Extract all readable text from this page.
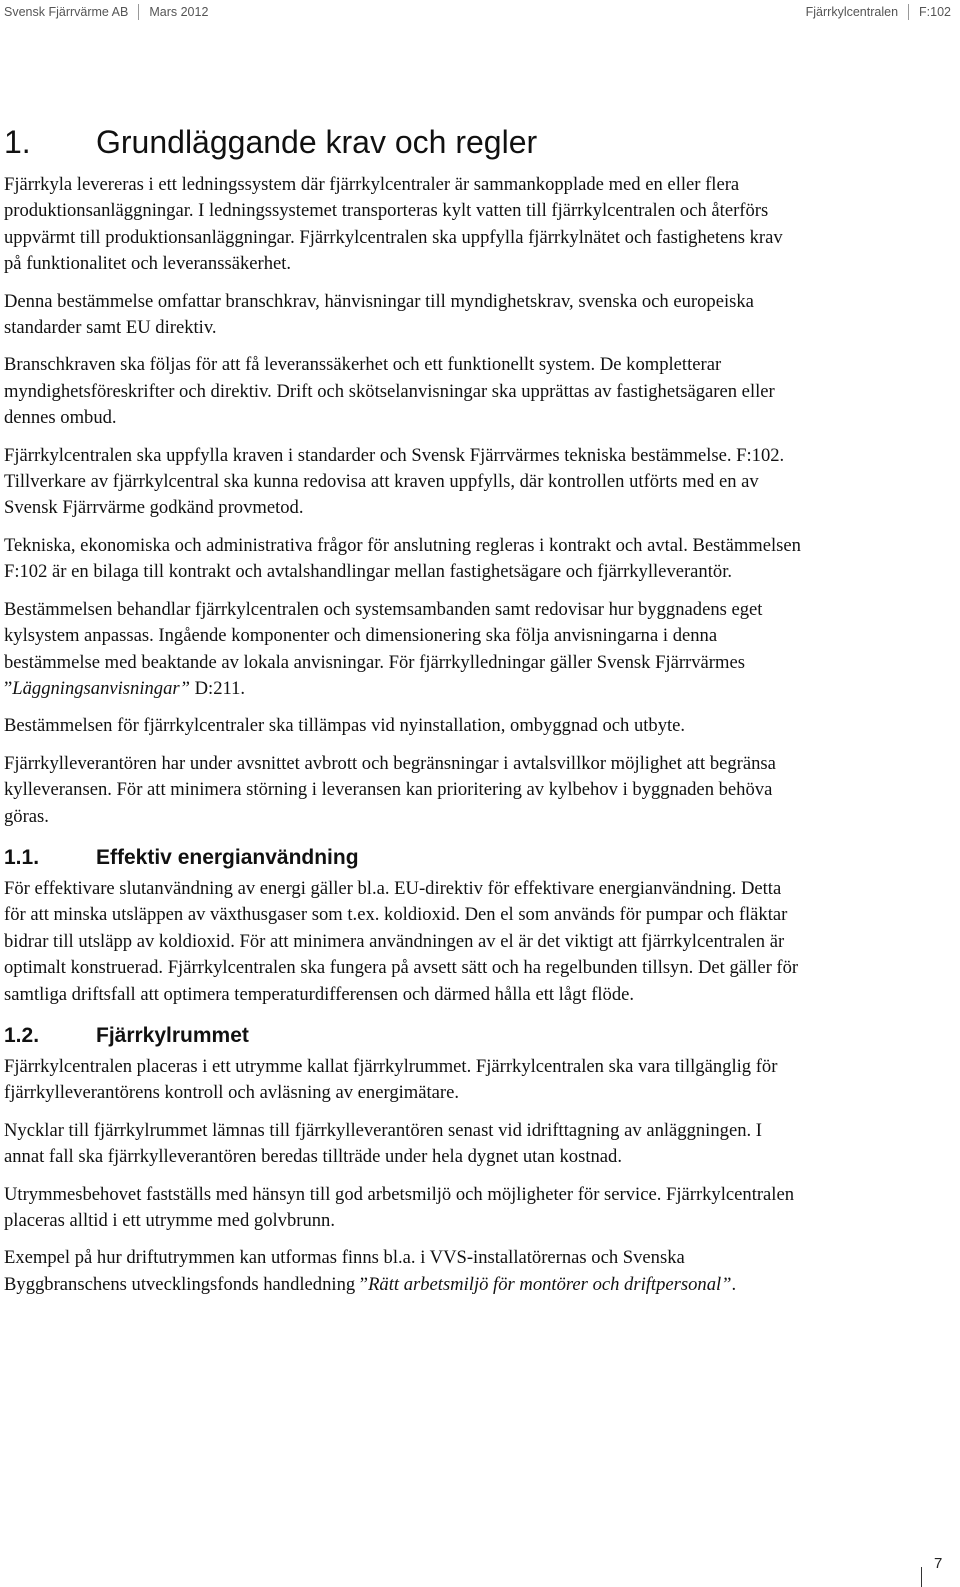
Svensk Fjärrvärme AB Mars 2012	Fjärrkylcentralen F:102
1.	Grundläggande krav och regler

Fjärrkyla levereras i ett ledningssystem där fjärrkylcentraler är sammankopplade med en eller flera produktionsanläggningar. I ledningssystemet transporteras kylt vatten till fjärrkylcentralen och återförs uppvärmt till produktionsanläggningar. Fjärrkylcentralen ska uppfylla fjärrkylnätet och fastighetens krav på funktionalitet och leveranssäkerhet.

Denna bestämmelse omfattar branschkrav, hänvisningar till myndighetskrav, svenska och europeiska standarder samt EU direktiv.

Branschkraven ska följas för att få leveranssäkerhet och ett funktionellt system. De kompletterar myndighetsföreskrifter och direktiv. Drift och skötselanvisningar ska upprättas av fastighetsägaren eller dennes ombud.

Fjärrkylcentralen ska uppfylla kraven i standarder och Svensk Fjärrvärmes tekniska bestämmelse. F:102. Tillverkare av fjärrkylcentral ska kunna redovisa att kraven uppfylls, där kontrollen utförts med en av Svensk Fjärrvärme godkänd provmetod.

Tekniska, ekonomiska och administrativa frågor för anslutning regleras i kontrakt och avtal. Bestämmelsen F:102 är en bilaga till kontrakt och avtalshandlingar mellan fastighetsägare och fjärrkylleverantör.

Bestämmelsen behandlar fjärrkylcentralen och systemsambanden samt redovisar hur byggnadens eget kylsystem anpassas. Ingående komponenter och dimensionering ska följa anvisningarna i denna bestämmelse med beaktande av lokala anvisningar. För fjärrkylledningar gäller Svensk Fjärrvärmes ”Läggningsanvisningar” D:211.

Bestämmelsen för fjärrkylcentraler ska tillämpas vid nyinstallation, ombyggnad och utbyte.

Fjärrkylleverantören har under avsnittet avbrott och begränsningar i avtalsvillkor möjlighet att begränsa kylleveransen. För att minimera störning i leveransen kan prioritering av kylbehov i byggnaden behöva göras.

1.1.	Effektiv energianvändning

För effektivare slutanvändning av energi gäller bl.a. EU-direktiv för effektivare energianvändning. Detta för att minska utsläppen av växthusgaser som t.ex. koldioxid. Den el som används för pumpar och fläktar bidrar till utsläpp av koldioxid. För att minimera användningen av el är det viktigt att fjärrkylcentralen är optimalt konstruerad. Fjärrkylcentralen ska fungera på avsett sätt och ha regelbunden tillsyn. Det gäller för samtliga driftsfall att optimera temperaturdifferensen och därmed hålla ett lågt flöde.

1.2.	Fjärrkylrummet

Fjärrkylcentralen placeras i ett utrymme kallat fjärrkylrummet. Fjärrkylcentralen ska vara tillgänglig för fjärrkylleverantörens kontroll och avläsning av energimätare.

Nycklar till fjärrkylrummet lämnas till fjärrkylleverantören senast vid idrifttagning av anläggningen. I annat fall ska fjärrkylleverantören beredas tillträde under hela dygnet utan kostnad.

Utrymmesbehovet fastställs med hänsyn till god arbetsmiljö och möjligheter för service. Fjärrkylcentralen placeras alltid i ett utrymme med golvbrunn.

Exempel på hur driftutrymmen kan utformas finns bl.a. i VVS-installatörernas och Svenska Byggbranschens utvecklingsfonds handledning ”Rätt arbetsmiljö för montörer och driftpersonal”.

7
